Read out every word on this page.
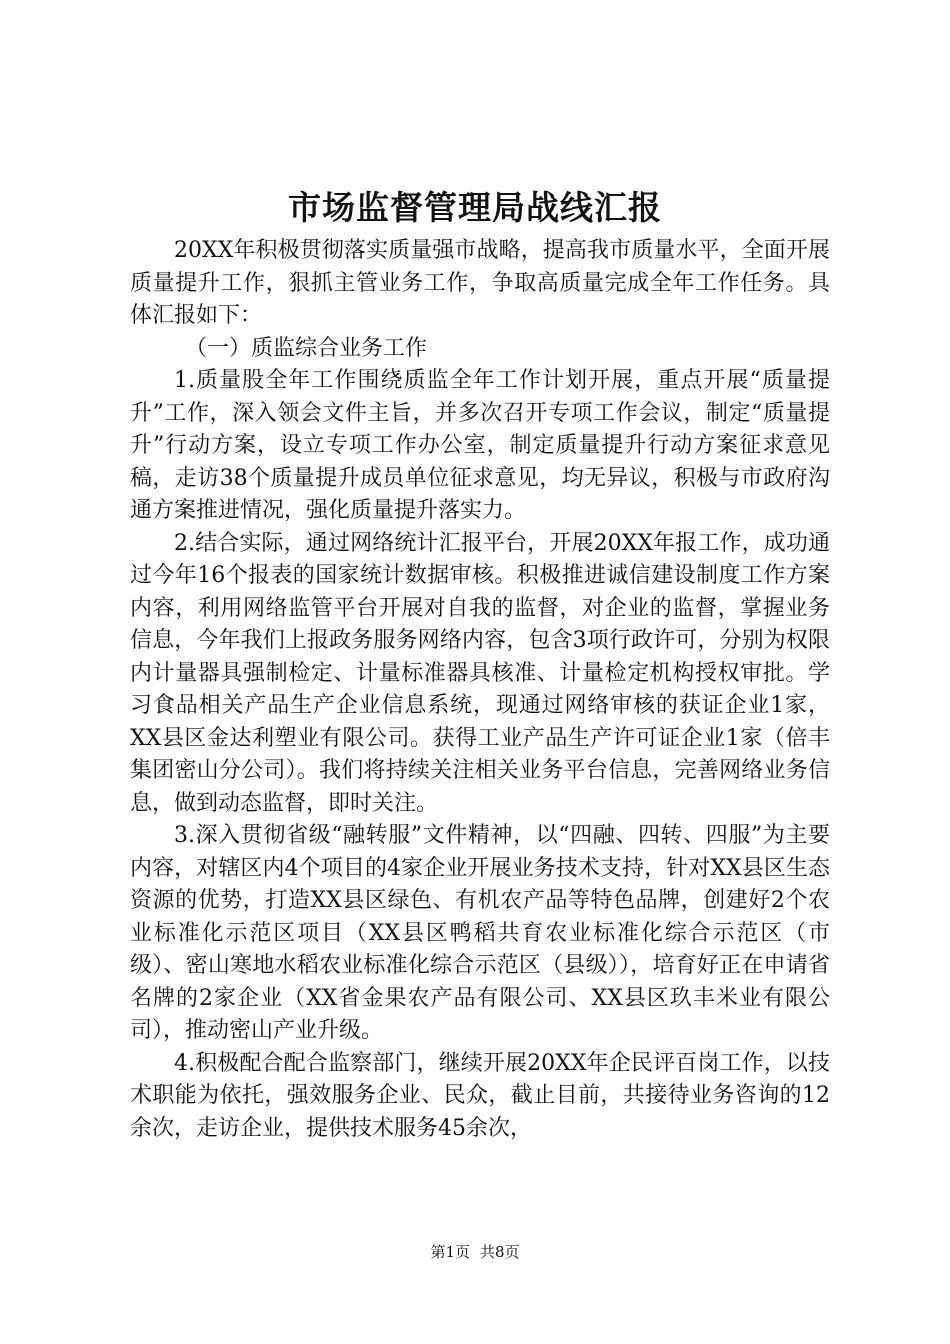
市场监督管理局战线汇报

20XX年积极贯彻落实质量强市战略，提高我市质量水平，全面开展质量提升工作，狠抓主管业务工作，争取高质量完成全年工作任务。具体汇报如下：

（一）质监综合业务工作

1.质量股全年工作围绕质监全年工作计划开展，重点开展“质量提升”工作，深入领会文件主旨，并多次召开专项工作会议，制定“质量提升”行动方案，设立专项工作办公室，制定质量提升行动方案征求意见稿，走访38个质量提升成员单位征求意见，均无异议，积极与市政府沟通方案推进情况，强化质量提升落实力。

2.结合实际，通过网络统计汇报平台，开展20XX年报工作，成功通过今年16个报表的国家统计数据审核。积极推进诚信建设制度工作方案内容，利用网络监管平台开展对自我的监督，对企业的监督，掌握业务信息，今年我们上报政务服务网络内容，包含3项行政许可，分别为权限内计量器具强制检定、计量标准器具核准、计量检定机构授权审批。学习食品相关产品生产企业信息系统，现通过网络审核的获证企业1家，XX县区金达利塑业有限公司。获得工业产品生产许可证企业1家（倍丰集团密山分公司）。我们将持续关注相关业务平台信息，完善网络业务信息，做到动态监督，即时关注。

3.深入贯彻省级“融转服”文件精神，以“四融、四转、四服”为主要内容，对辖区内4个项目的4家企业开展业务技术支持，针对XX县区生态资源的优势，打造XX县区绿色、有机农产品等特色品牌，创建好2个农业标准化示范区项目（XX县区鸭稻共育农业标准化综合示范区（市级）、密山寒地水稻农业标准化综合示范区（县级）），培育好正在申请省名牌的2家企业（XX省金果农产品有限公司、XX县区玖丰米业有限公司），推动密山产业升级。

4.积极配合配合监察部门，继续开展20XX年企民评百岗工作，以技术职能为依托，强效服务企业、民众，截止目前，共接待业务咨询的12余次，走访企业，提供技术服务45余次，

第1页 共8页
